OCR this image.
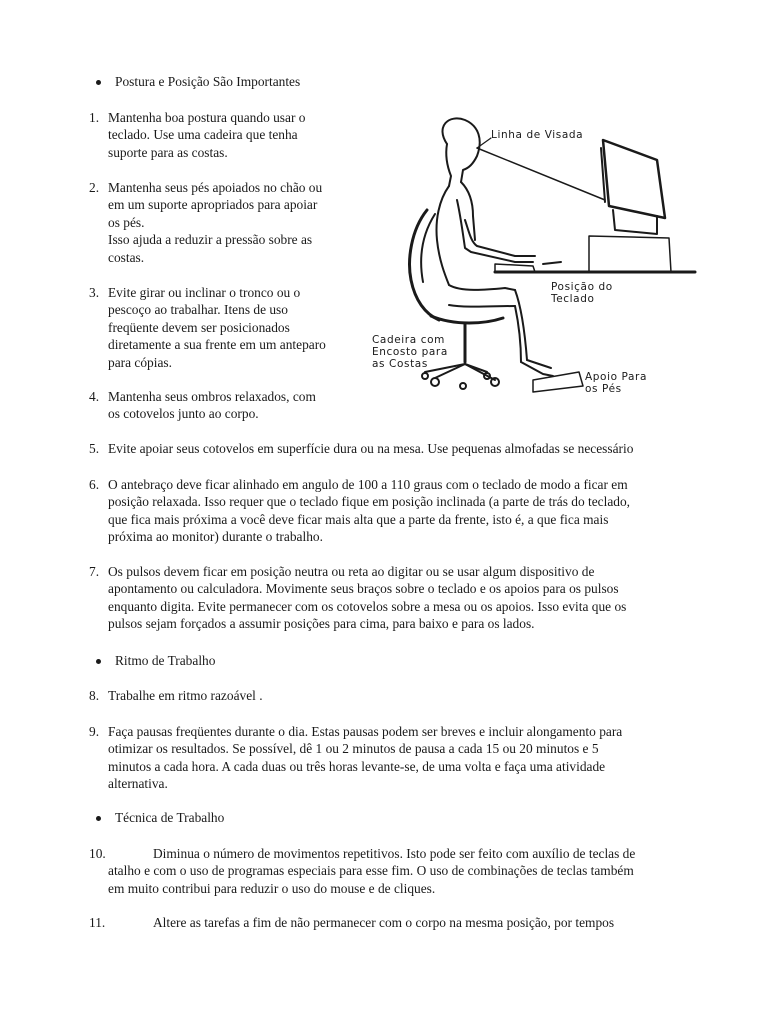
Postura e Posição São Importantes
1. Mantenha boa postura quando usar o
teclado. Use uma cadeira que tenha
suporte para as costas.
2. Mantenha seus pés apoiados no chão ou
em um suporte apropriados para apoiar
os pés.
Isso ajuda a reduzir a pressão sobre as
costas.
3. Evite girar ou inclinar o tronco ou o
pescoço ao trabalhar. Itens de uso
freqüente devem ser posicionados
diretamente a sua frente em um anteparo
para cópias.
4. Mantenha seus ombros relaxados, com
os cotovelos junto ao corpo.
5. Evite apoiar seus cotovelos em superfície dura ou na mesa. Use pequenas almofadas se necessário
6. O antebraço deve ficar alinhado em angulo de 100 a 110 graus com o teclado de modo a ficar em
posição relaxada. Isso requer que o teclado fique em posição inclinada (a parte de trás do teclado,
que fica mais próxima a você deve ficar mais alta que a parte da frente, isto é, a que fica mais
próxima ao monitor) durante o trabalho.
7. Os pulsos devem ficar em posição neutra ou reta ao digitar ou se usar algum dispositivo de
apontamento ou calculadora. Movimente seus braços sobre o teclado e os apoios para os pulsos
enquanto digita. Evite permanecer com os cotovelos sobre a mesa ou os apoios. Isso evita que os
pulsos sejam forçados a assumir posições para cima, para baixo e para os lados.
Ritmo de Trabalho
8. Trabalhe em ritmo razoável .
9. Faça pausas freqüentes durante o dia. Estas pausas podem ser breves e incluir alongamento para
otimizar os resultados. Se possível, dê 1 ou 2 minutos de pausa a cada 15 ou 20 minutos e 5
minutos a cada hora. A cada duas ou três horas levante-se, de uma volta e faça uma atividade
alternativa.
Técnica de Trabalho
10.	Diminua o número de movimentos repetitivos. Isto pode ser feito com auxílio de teclas de
atalho e com o uso de programas especiais para esse fim. O uso de combinações de teclas também
em muito contribui para reduzir o uso do mouse e de cliques.
11.	Altere as tarefas a fim de não permanecer com o corpo na mesma posição, por tempos
Linha de Visada
Posição do
Teclado
Cadeira com
Encosto para
as Costas
Apoio Para
os Pés
